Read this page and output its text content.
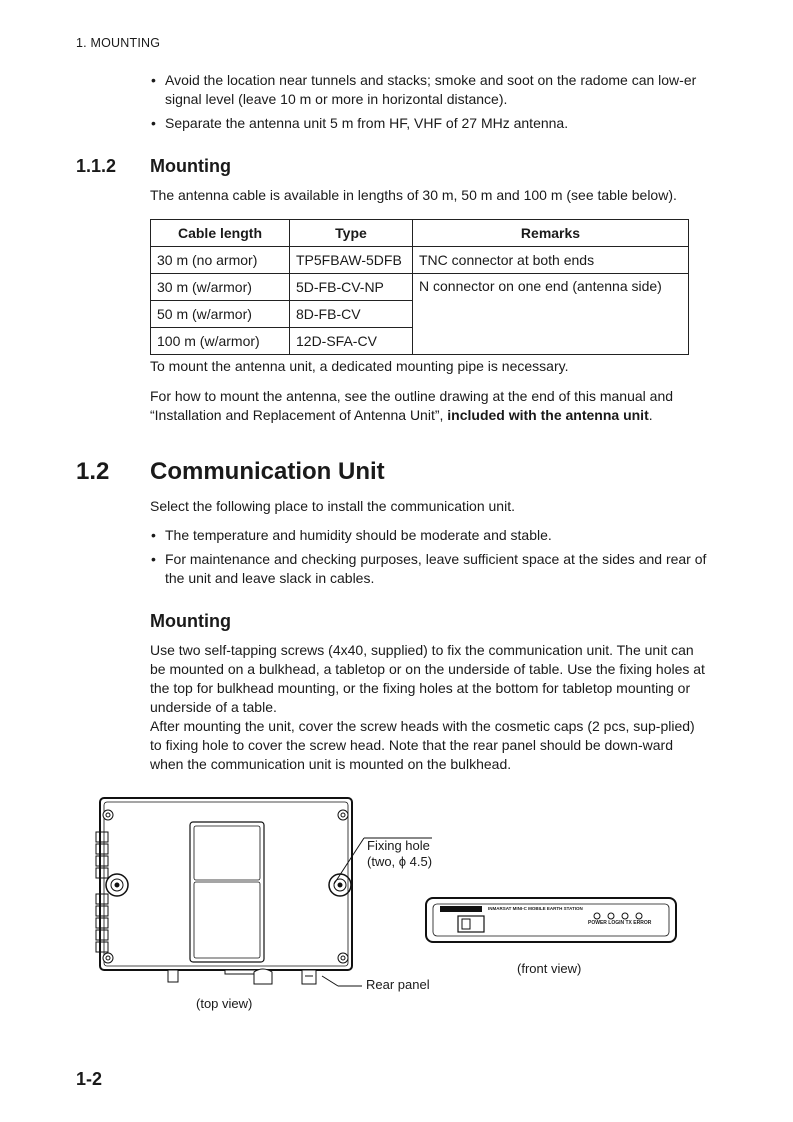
1. MOUNTING
• Avoid the location near tunnels and stacks; smoke and soot on the radome can low-er signal level (leave 10 m or more in horizontal distance).
• Separate the antenna unit 5 m from HF, VHF of 27 MHz antenna.
1.1.2 Mounting
The antenna cable is available in lengths of 30 m, 50 m and 100 m (see table below).
Cable length	Type	Remarks
30 m (no armor)	TP5FBAW-5DFB	TNC connector at both ends
30 m (w/armor)	5D-FB-CV-NP	N connector on one end (antenna side)
50 m (w/armor)	8D-FB-CV	
100 m (w/armor)	12D-SFA-CV	
To mount the antenna unit, a dedicated mounting pipe is necessary.
For how to mount the antenna, see the outline drawing at the end of this manual and “Installation and Replacement of Antenna Unit”, included with the antenna unit.
1.2 Communication Unit
Select the following place to install the communication unit.
• The temperature and humidity should be moderate and stable.
• For maintenance and checking purposes, leave sufficient space at the sides and rear of the unit and leave slack in cables.
Mounting
Use two self-tapping screws (4x40, supplied) to fix the communication unit. The unit can be mounted on a bulkhead, a tabletop or on the underside of table. Use the fixing holes at the top for bulkhead mounting, or the fixing holes at the bottom for tabletop mounting or underside of a table.
After mounting the unit, cover the screw heads with the cosmetic caps (2 pcs, sup-plied) to fixing hole to cover the screw head. Note that the rear panel should be down-ward when the communication unit is mounted on the bulkhead.
Fixing hole
(two, ϕ 4.5)
Rear panel
(top view)
(front view)
INMARSAT MINI-C MOBILE EARTH STATION
POWER LOGIN TX ERROR
1-2
